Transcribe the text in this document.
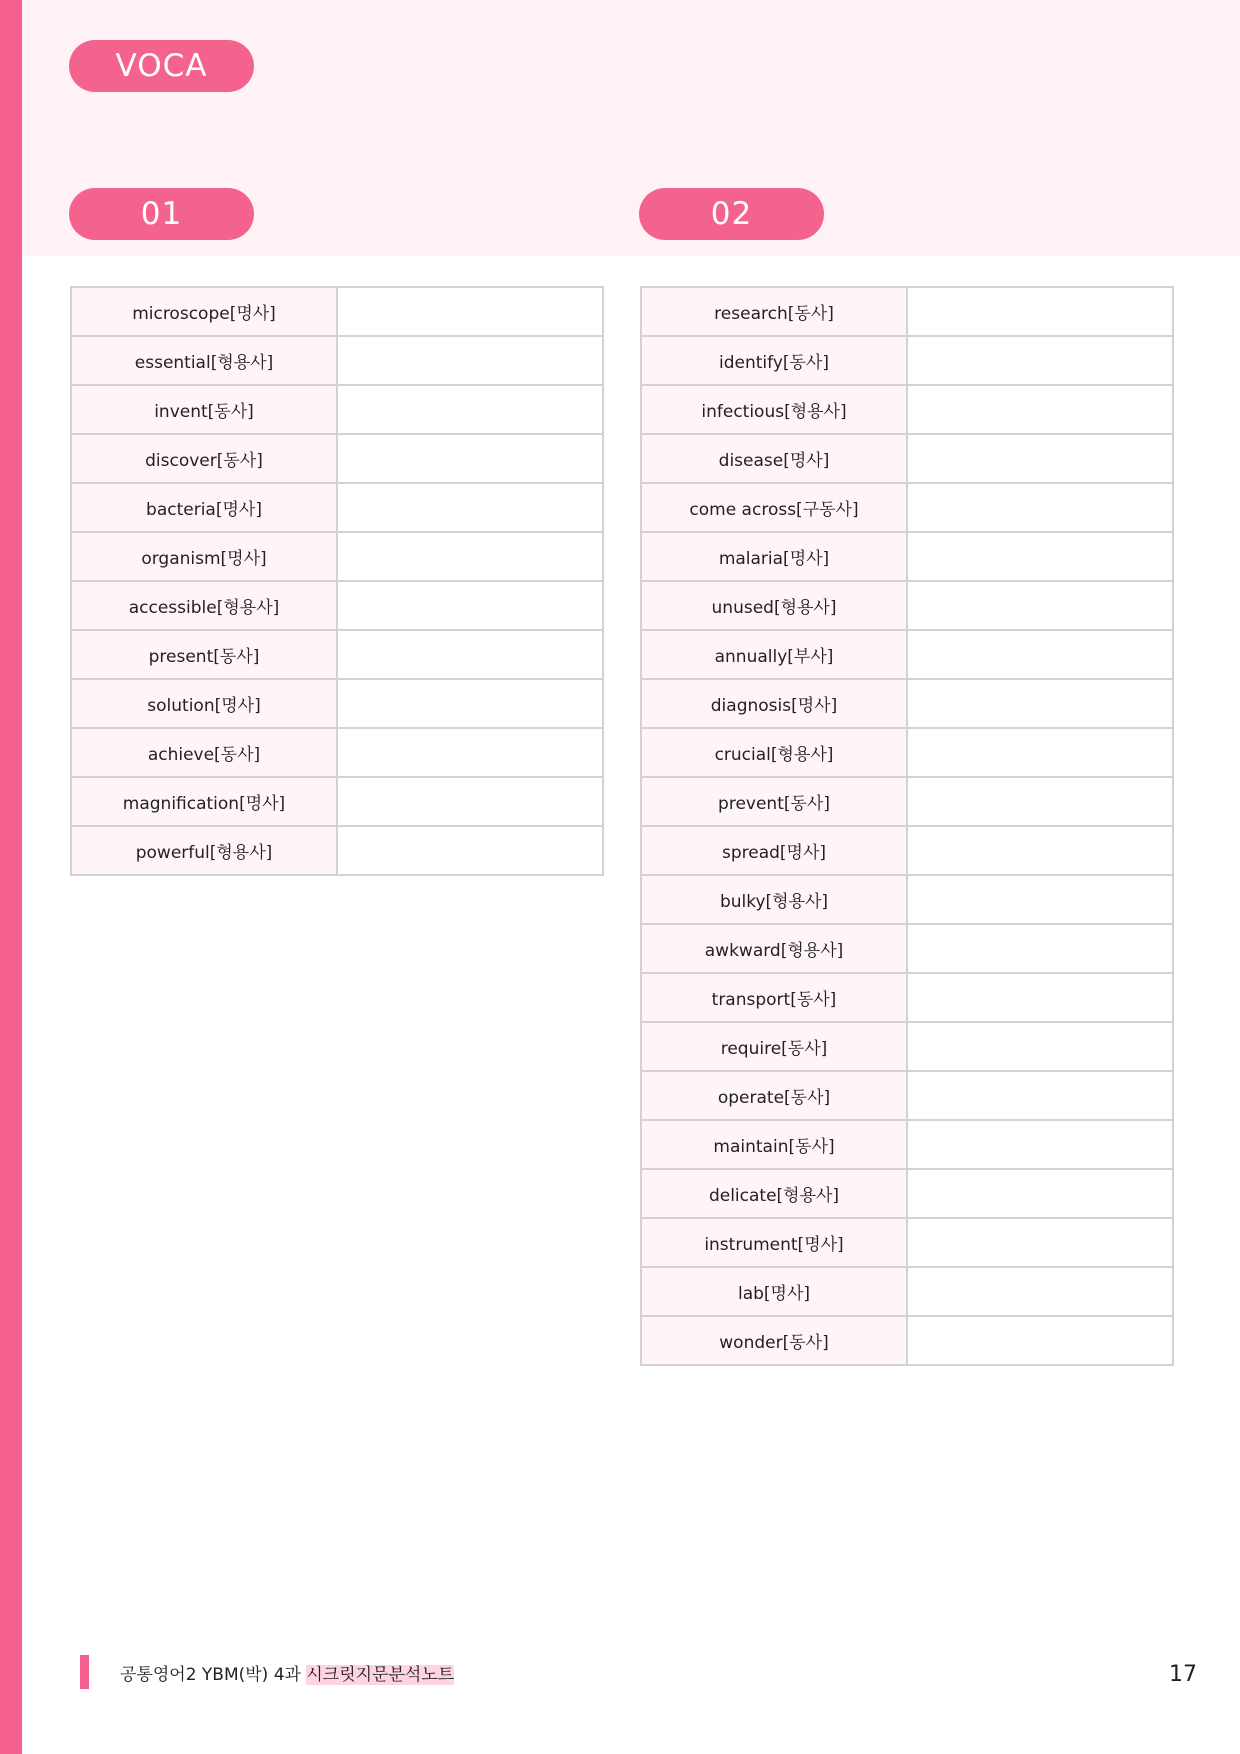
VOCA
01	02
microscope[명사]	
essential[형용사]	
invent[동사]	
discover[동사]	
bacteria[명사]	
organism[명사]	
accessible[형용사]	
present[동사]	
solution[명사]	
achieve[동사]	
magnification[명사]	
powerful[형용사]	
research[동사]	
identify[동사]	
infectious[형용사]	
disease[명사]	
come across[구동사]	
malaria[명사]	
unused[형용사]	
annually[부사]	
diagnosis[명사]	
crucial[형용사]	
prevent[동사]	
spread[명사]	
bulky[형용사]	
awkward[형용사]	
transport[동사]	
require[동사]	
operate[동사]	
maintain[동사]	
delicate[형용사]	
instrument[명사]	
lab[명사]	
wonder[동사]	
공통영어2 YBM(박) 4과 시크릿지문분석노트	17
